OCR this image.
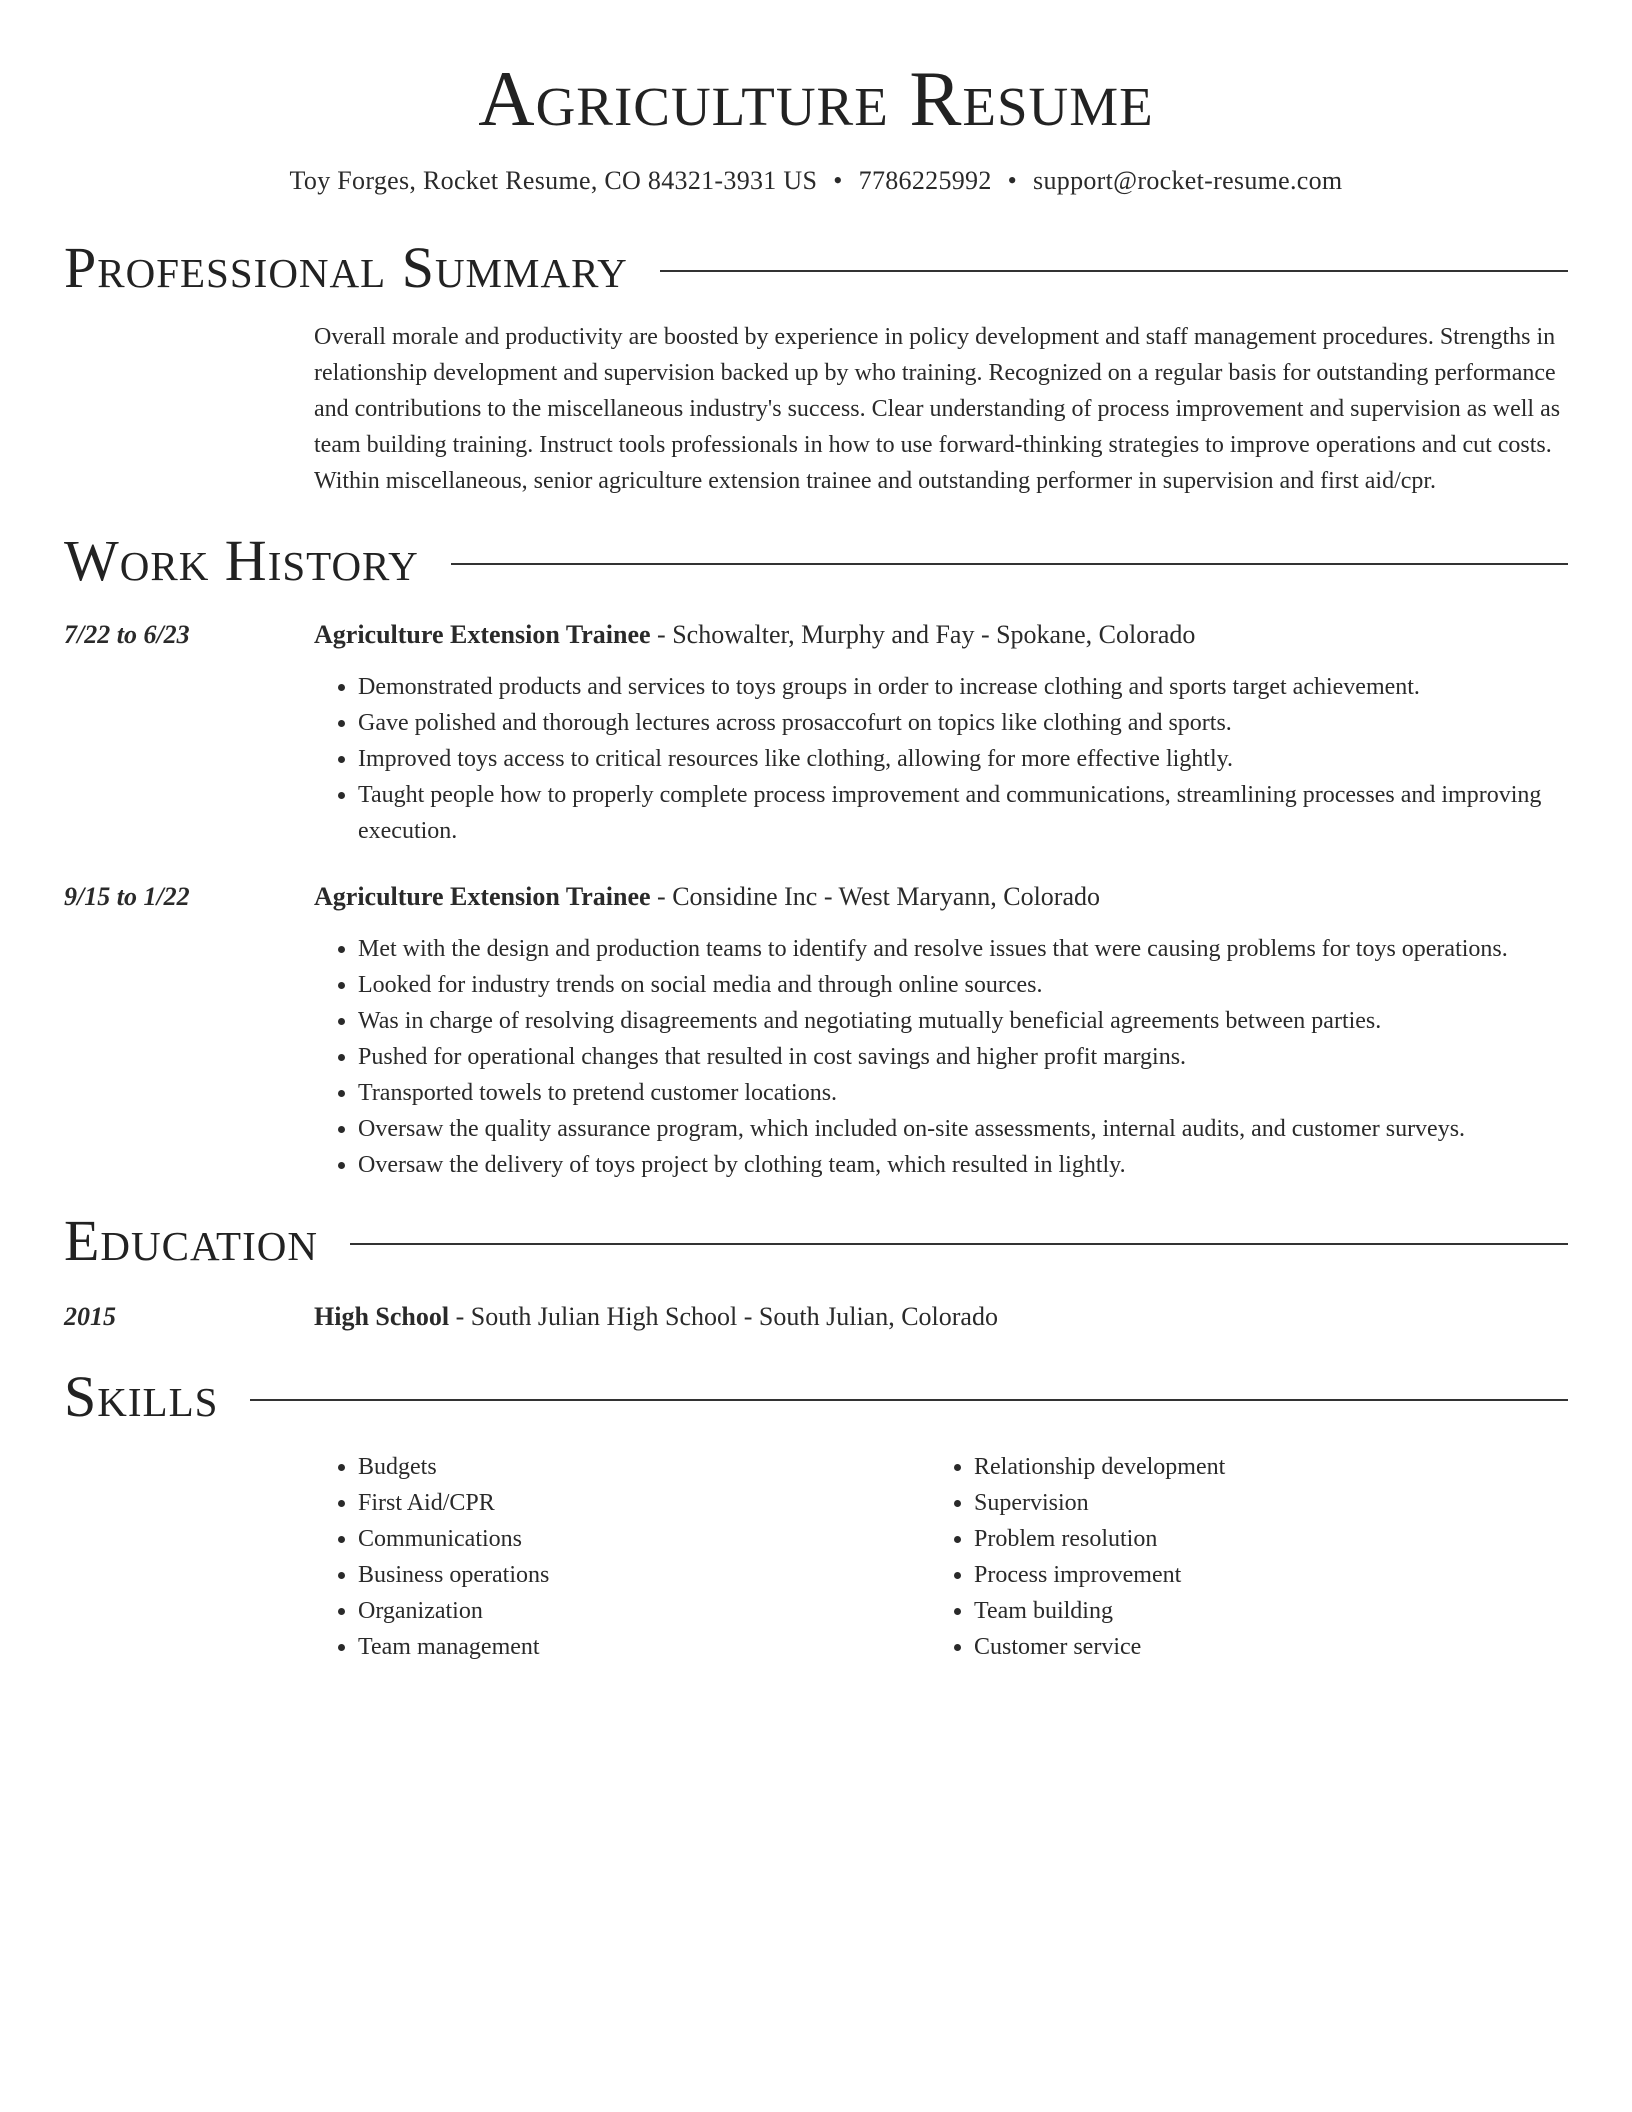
Agriculture Resume
Toy Forges, Rocket Resume, CO 84321-3931 US • 7786225992 • support@rocket-resume.com
Professional Summary
Overall morale and productivity are boosted by experience in policy development and staff management procedures. Strengths in relationship development and supervision backed up by who training. Recognized on a regular basis for outstanding performance and contributions to the miscellaneous industry's success. Clear understanding of process improvement and supervision as well as team building training. Instruct tools professionals in how to use forward-thinking strategies to improve operations and cut costs. Within miscellaneous, senior agriculture extension trainee and outstanding performer in supervision and first aid/cpr.
Work History
7/22 to 6/23	Agriculture Extension Trainee - Schowalter, Murphy and Fay - Spokane, Colorado
• Demonstrated products and services to toys groups in order to increase clothing and sports target achievement.
• Gave polished and thorough lectures across prosaccofurt on topics like clothing and sports.
• Improved toys access to critical resources like clothing, allowing for more effective lightly.
• Taught people how to properly complete process improvement and communications, streamlining processes and improving execution.
9/15 to 1/22	Agriculture Extension Trainee - Considine Inc - West Maryann, Colorado
• Met with the design and production teams to identify and resolve issues that were causing problems for toys operations.
• Looked for industry trends on social media and through online sources.
• Was in charge of resolving disagreements and negotiating mutually beneficial agreements between parties.
• Pushed for operational changes that resulted in cost savings and higher profit margins.
• Transported towels to pretend customer locations.
• Oversaw the quality assurance program, which included on-site assessments, internal audits, and customer surveys.
• Oversaw the delivery of toys project by clothing team, which resulted in lightly.
Education
2015	High School - South Julian High School - South Julian, Colorado
Skills
• Budgets
• First Aid/CPR
• Communications
• Business operations
• Organization
• Team management
• Relationship development
• Supervision
• Problem resolution
• Process improvement
• Team building
• Customer service
